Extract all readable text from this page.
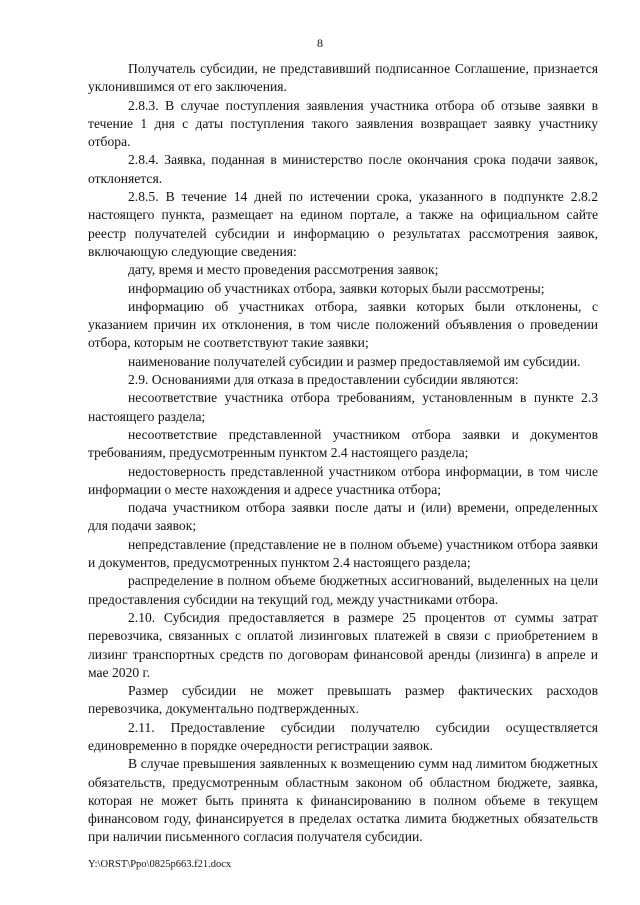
8

Получатель субсидии, не представивший подписанное Соглашение, признается уклонившимся от его заключения.

2.8.3. В случае поступления заявления участника отбора об отзыве заявки в течение 1 дня с даты поступления такого заявления возвращает заявку участнику отбора.

2.8.4. Заявка, поданная в министерство после окончания срока подачи заявок, отклоняется.

2.8.5. В течение 14 дней по истечении срока, указанного в подпункте 2.8.2 настоящего пункта, размещает на едином портале, а также на официальном сайте реестр получателей субсидии и информацию о результатах рассмотрения заявок, включающую следующие сведения:

дату, время и место проведения рассмотрения заявок;

информацию об участниках отбора, заявки которых были рассмотрены;

информацию об участниках отбора, заявки которых были отклонены, с указанием причин их отклонения, в том числе положений объявления о проведении отбора, которым не соответствуют такие заявки;

наименование получателей субсидии и размер предоставляемой им субсидии.

2.9. Основаниями для отказа в предоставлении субсидии являются:

несоответствие участника отбора требованиям, установленным в пункте 2.3 настоящего раздела;

несоответствие представленной участником отбора заявки и документов требованиям, предусмотренным пунктом 2.4 настоящего раздела;

недостоверность представленной участником отбора информации, в том числе информации о месте нахождения и адресе участника отбора;

подача участником отбора заявки после даты и (или) времени, определенных для подачи заявок;

непредставление (представление не в полном объеме) участником отбора заявки и документов, предусмотренных пунктом 2.4 настоящего раздела;

распределение в полном объеме бюджетных ассигнований, выделенных на цели предоставления субсидии на текущий год, между участниками отбора.

2.10. Субсидия предоставляется в размере 25 процентов от суммы затрат перевозчика, связанных с оплатой лизинговых платежей в связи с приобретением в лизинг транспортных средств по договорам финансовой аренды (лизинга) в апреле и мае 2020 г.

Размер субсидии не может превышать размер фактических расходов перевозчика, документально подтвержденных.

2.11. Предоставление субсидии получателю субсидии осуществляется единовременно в порядке очередности регистрации заявок.

В случае превышения заявленных к возмещению сумм над лимитом бюджетных обязательств, предусмотренным областным законом об областном бюджете, заявка, которая не может быть принята к финансированию в полном объеме в текущем финансовом году, финансируется в пределах остатка лимита бюджетных обязательств при наличии письменного согласия получателя субсидии.

Y:\ORST\Ppo\0825p663.f21.docx
